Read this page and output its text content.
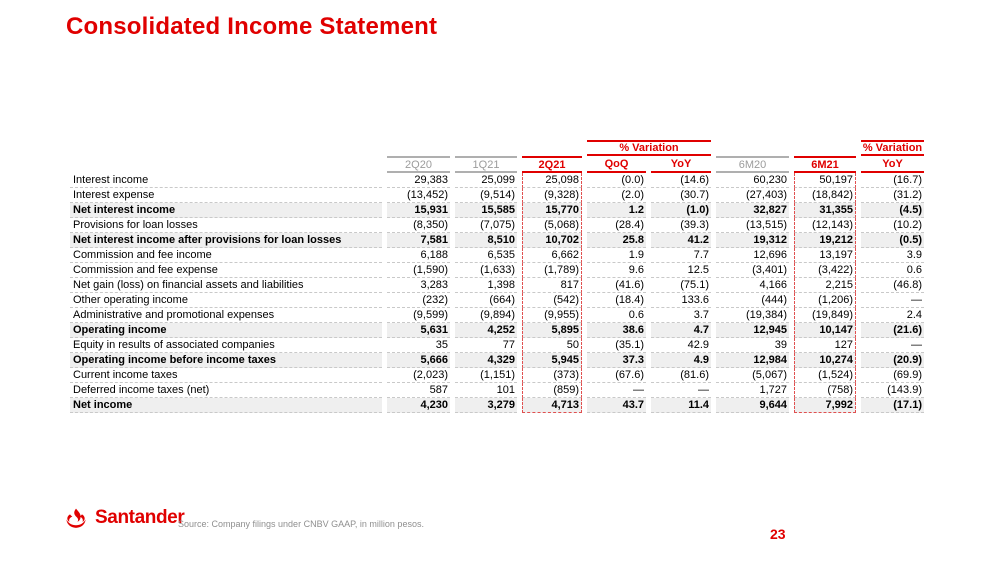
Consolidated Income Statement
				% Variation				% Variation
	2Q20	1Q21	2Q21	QoQ	YoY	6M20	6M21	YoY
Interest income	29,383	25,099	25,098	(0.0)	(14.6)	60,230	50,197	(16.7)
Interest expense	(13,452)	(9,514)	(9,328)	(2.0)	(30.7)	(27,403)	(18,842)	(31.2)
Net interest income	15,931	15,585	15,770	1.2	(1.0)	32,827	31,355	(4.5)
Provisions for loan losses	(8,350)	(7,075)	(5,068)	(28.4)	(39.3)	(13,515)	(12,143)	(10.2)
Net interest income after provisions for loan losses	7,581	8,510	10,702	25.8	41.2	19,312	19,212	(0.5)
Commission and fee income	6,188	6,535	6,662	1.9	7.7	12,696	13,197	3.9
Commission and fee expense	(1,590)	(1,633)	(1,789)	9.6	12.5	(3,401)	(3,422)	0.6
Net gain (loss) on financial assets and liabilities	3,283	1,398	817	(41.6)	(75.1)	4,166	2,215	(46.8)
Other operating income	(232)	(664)	(542)	(18.4)	133.6	(444)	(1,206)	—
Administrative and promotional expenses	(9,599)	(9,894)	(9,955)	0.6	3.7	(19,384)	(19,849)	2.4
Operating income	5,631	4,252	5,895	38.6	4.7	12,945	10,147	(21.6)
Equity in results of associated companies	35	77	50	(35.1)	42.9	39	127	—
Operating income before income taxes	5,666	4,329	5,945	37.3	4.9	12,984	10,274	(20.9)
Current income taxes	(2,023)	(1,151)	(373)	(67.6)	(81.6)	(5,067)	(1,524)	(69.9)
Deferred income taxes (net)	587	101	(859)	—	—	1,727	(758)	(143.9)
Net income	4,230	3,279	4,713	43.7	11.4	9,644	7,992	(17.1)
Santander
Source: Company filings under CNBV GAAP, in million pesos.
23
